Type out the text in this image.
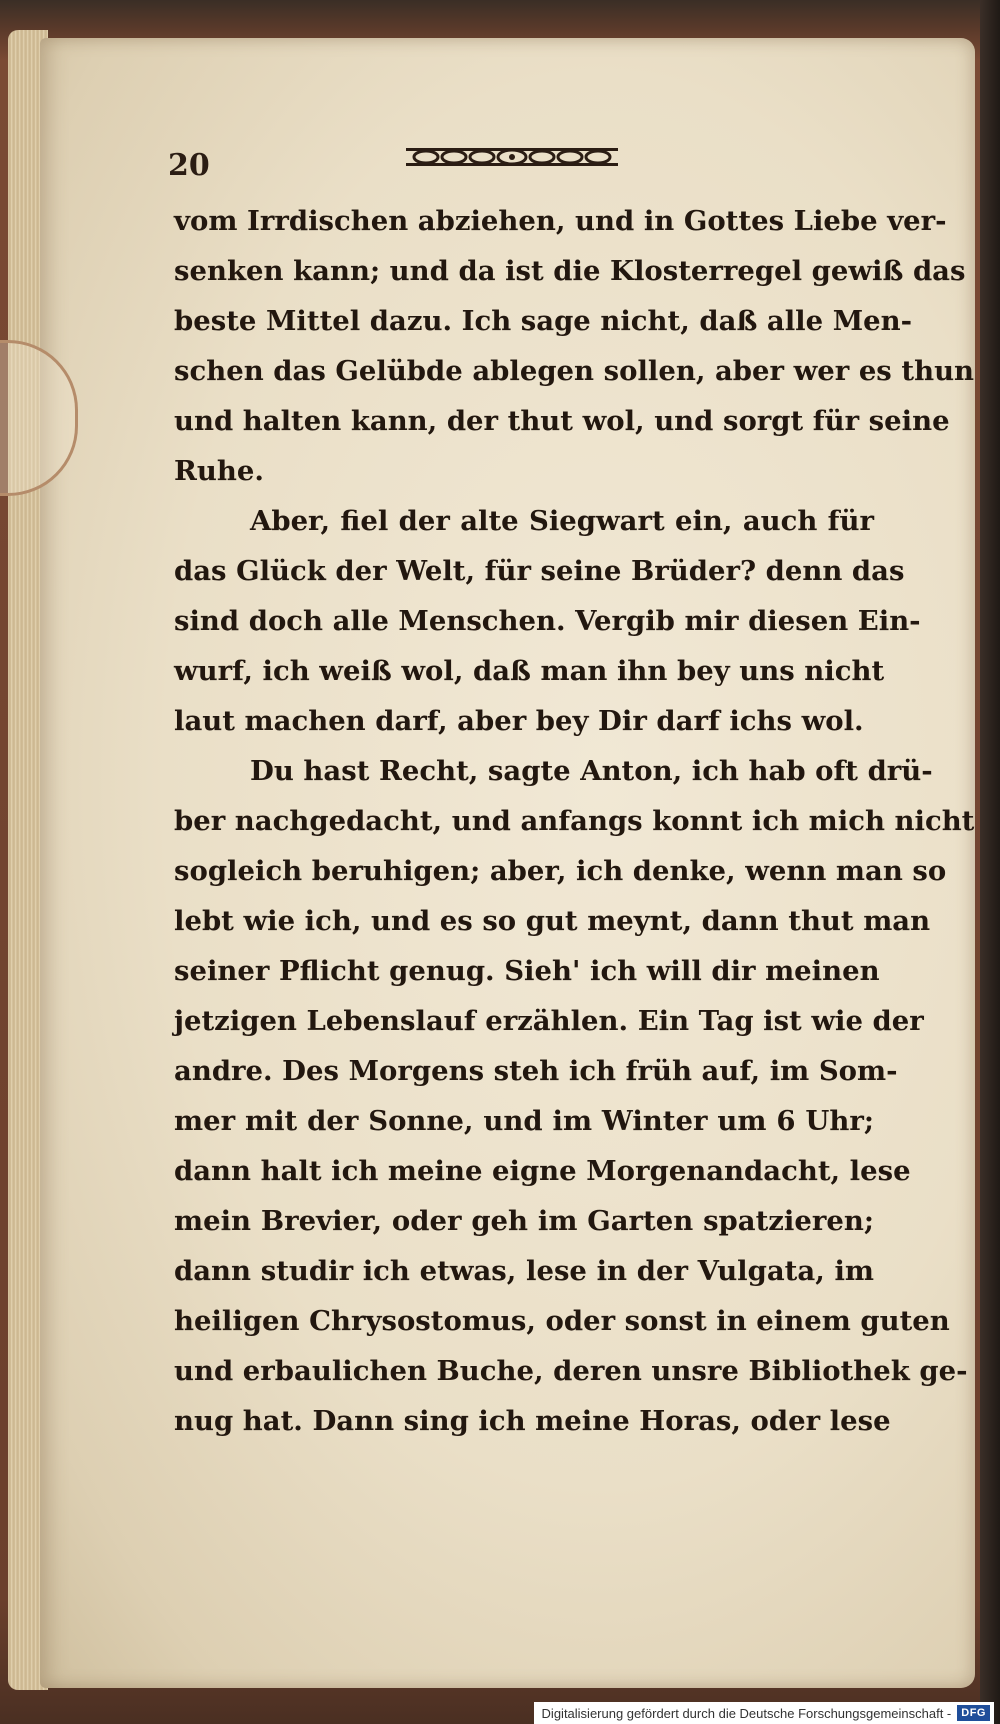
20
vom Irrdischen abziehen, und in Gottes Liebe ver-
senken kann; und da ist die Klosterregel gewiß das
beste Mittel dazu. Ich sage nicht, daß alle Men-
schen das Gelübde ablegen sollen, aber wer es thun
und halten kann, der thut wol, und sorgt für seine
Ruhe.
Aber, fiel der alte Siegwart ein, auch für
das Glück der Welt, für seine Brüder? denn das
sind doch alle Menschen. Vergib mir diesen Ein-
wurf, ich weiß wol, daß man ihn bey uns nicht
laut machen darf, aber bey Dir darf ichs wol.
Du hast Recht, sagte Anton, ich hab oft drü-
ber nachgedacht, und anfangs konnt ich mich nicht
sogleich beruhigen; aber, ich denke, wenn man so
lebt wie ich, und es so gut meynt, dann thut man
seiner Pflicht genug. Sieh' ich will dir meinen
jetzigen Lebenslauf erzählen. Ein Tag ist wie der
andre. Des Morgens steh ich früh auf, im Som-
mer mit der Sonne, und im Winter um 6 Uhr;
dann halt ich meine eigne Morgenandacht, lese
mein Brevier, oder geh im Garten spatzieren;
dann studir ich etwas, lese in der Vulgata, im
heiligen Chrysostomus, oder sonst in einem guten
und erbaulichen Buche, deren unsre Bibliothek ge-
nug hat. Dann sing ich meine Horas, oder lese
Digitalisierung gefördert durch die Deutsche Forschungsgemeinschaft - DFG
